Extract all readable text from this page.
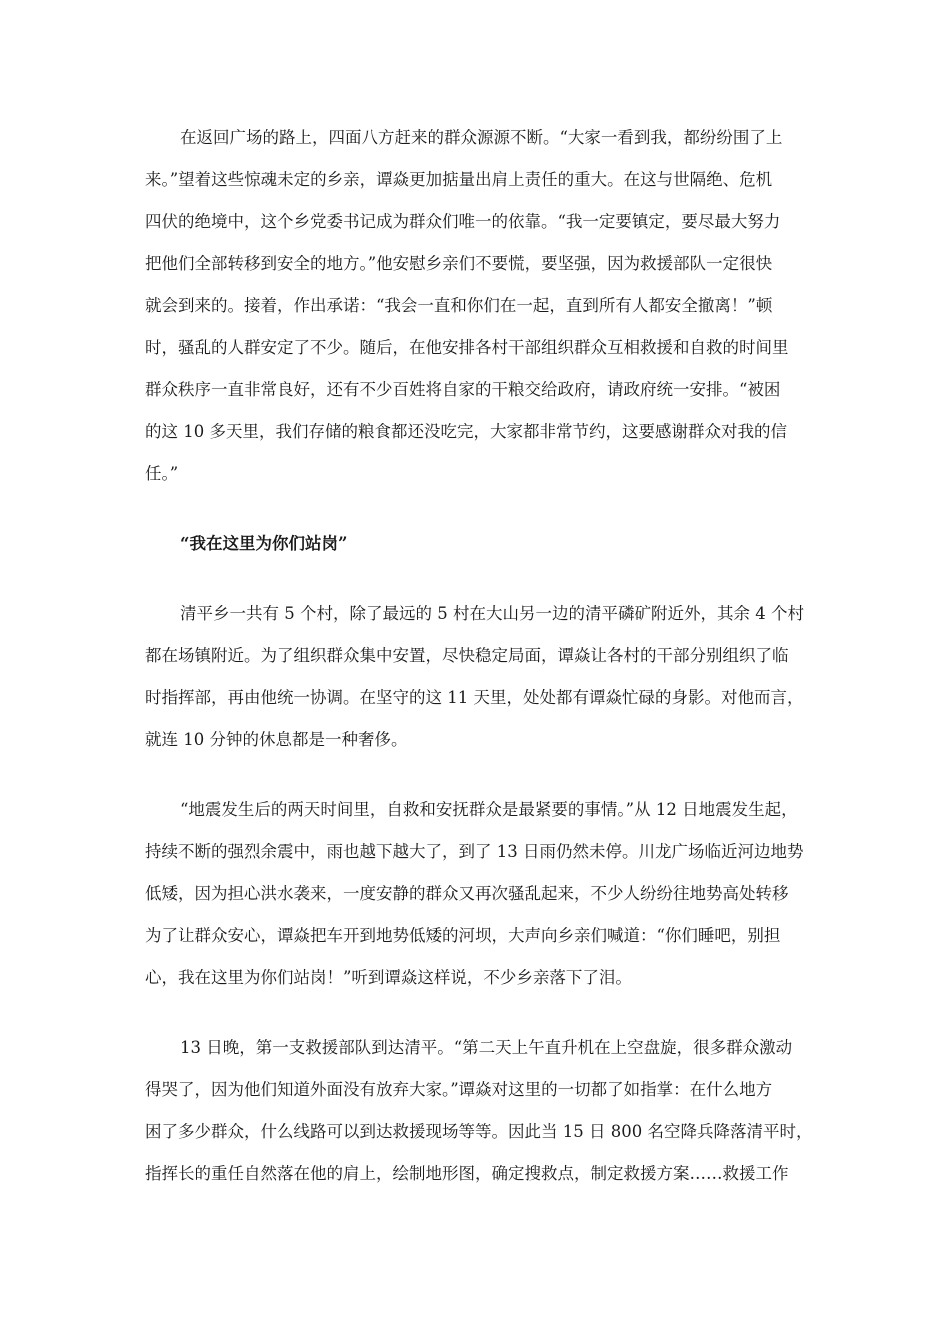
在返回广场的路上，四面八方赶来的群众源源不断。“大家一看到我，都纷纷围了上
来。”望着这些惊魂未定的乡亲，谭焱更加掂量出肩上责任的重大。在这与世隔绝、危机
四伏的绝境中，这个乡党委书记成为群众们唯一的依靠。“我一定要镇定，要尽最大努力
把他们全部转移到安全的地方。”他安慰乡亲们不要慌，要坚强，因为救援部队一定很快
就会到来的。接着，作出承诺：“我会一直和你们在一起，直到所有人都安全撤离！”顿
时，骚乱的人群安定了不少。随后，在他安排各村干部组织群众互相救援和自救的时间里
群众秩序一直非常良好，还有不少百姓将自家的干粮交给政府，请政府统一安排。“被困
的这 10 多天里，我们存储的粮食都还没吃完，大家都非常节约，这要感谢群众对我的信
任。”
“我在这里为你们站岗”
清平乡一共有 5 个村，除了最远的 5 村在大山另一边的清平磷矿附近外，其余 4 个村
都在场镇附近。为了组织群众集中安置，尽快稳定局面，谭焱让各村的干部分别组织了临
时指挥部，再由他统一协调。在坚守的这 11 天里，处处都有谭焱忙碌的身影。对他而言，
就连 10 分钟的休息都是一种奢侈。
“地震发生后的两天时间里，自救和安抚群众是最紧要的事情。”从 12 日地震发生起，
持续不断的强烈余震中，雨也越下越大了，到了 13 日雨仍然未停。川龙广场临近河边地势
低矮，因为担心洪水袭来，一度安静的群众又再次骚乱起来，不少人纷纷往地势高处转移
为了让群众安心，谭焱把车开到地势低矮的河坝，大声向乡亲们喊道：“你们睡吧，别担
心，我在这里为你们站岗！”听到谭焱这样说，不少乡亲落下了泪。
13 日晚，第一支救援部队到达清平。“第二天上午直升机在上空盘旋，很多群众激动
得哭了，因为他们知道外面没有放弃大家。”谭焱对这里的一切都了如指掌：在什么地方
困了多少群众，什么线路可以到达救援现场等等。因此当 15 日 800 名空降兵降落清平时，
指挥长的重任自然落在他的肩上，绘制地形图，确定搜救点，制定救援方案……救援工作
